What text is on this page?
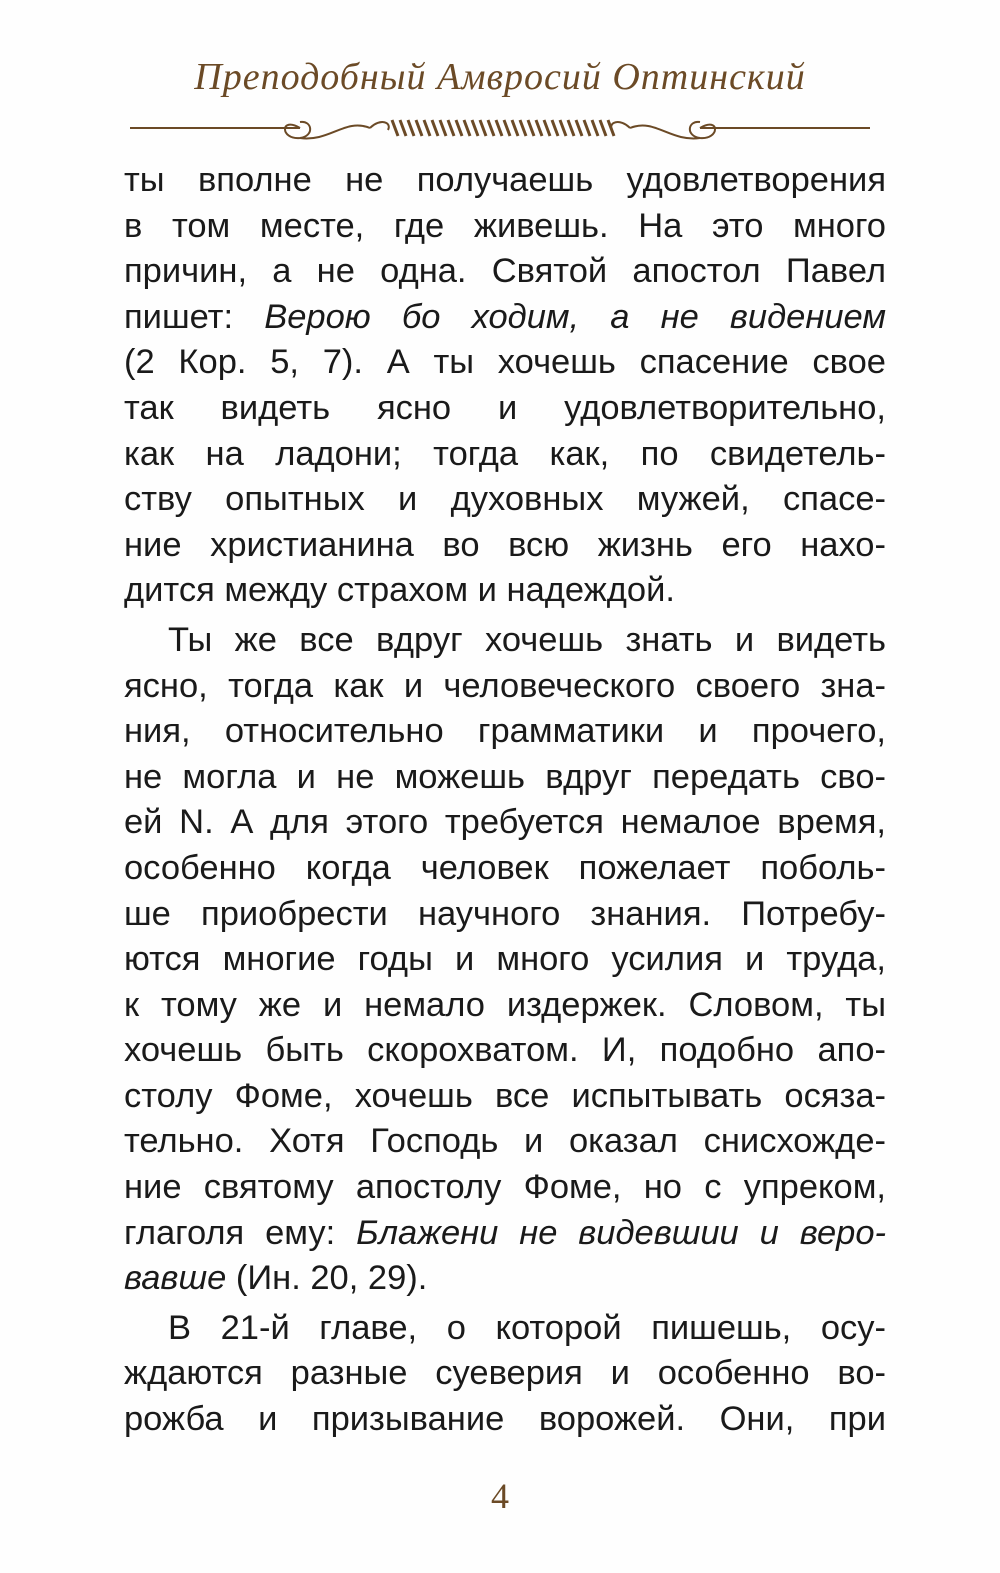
Преподобный Амвросий Оптинский
ты вполне не получаешь удовлетворения
в том месте, где живешь. На это много
причин, а не одна. Святой апостол Павел
пишет: Верою бо ходим, а не видением
(2 Кор. 5, 7). А ты хочешь спасение свое
так видеть ясно и удовлетворительно,
как на ладони; тогда как, по свидетель-
ству опытных и духовных мужей, спасе-
ние христианина во всю жизнь его нахо-
дится между страхом и надеждой.
Ты же все вдруг хочешь знать и видеть
ясно, тогда как и человеческого своего зна-
ния, относительно грамматики и прочего,
не могла и не можешь вдруг передать сво-
ей N. А для этого требуется немалое время,
особенно когда человек пожелает поболь-
ше приобрести научного знания. Потребу-
ются многие годы и много усилия и труда,
к тому же и немало издержек. Словом, ты
хочешь быть скорохватом. И, подобно апо-
столу Фоме, хочешь все испытывать осяза-
тельно. Хотя Господь и оказал снисхожде-
ние святому апостолу Фоме, но с упреком,
глаголя ему: Блажени не видевшии и веро-
вавше (Ин. 20, 29).
В 21-й главе, о которой пишешь, осу-
ждаются разные суеверия и особенно во-
рожба и призывание ворожей. Они, при
4
